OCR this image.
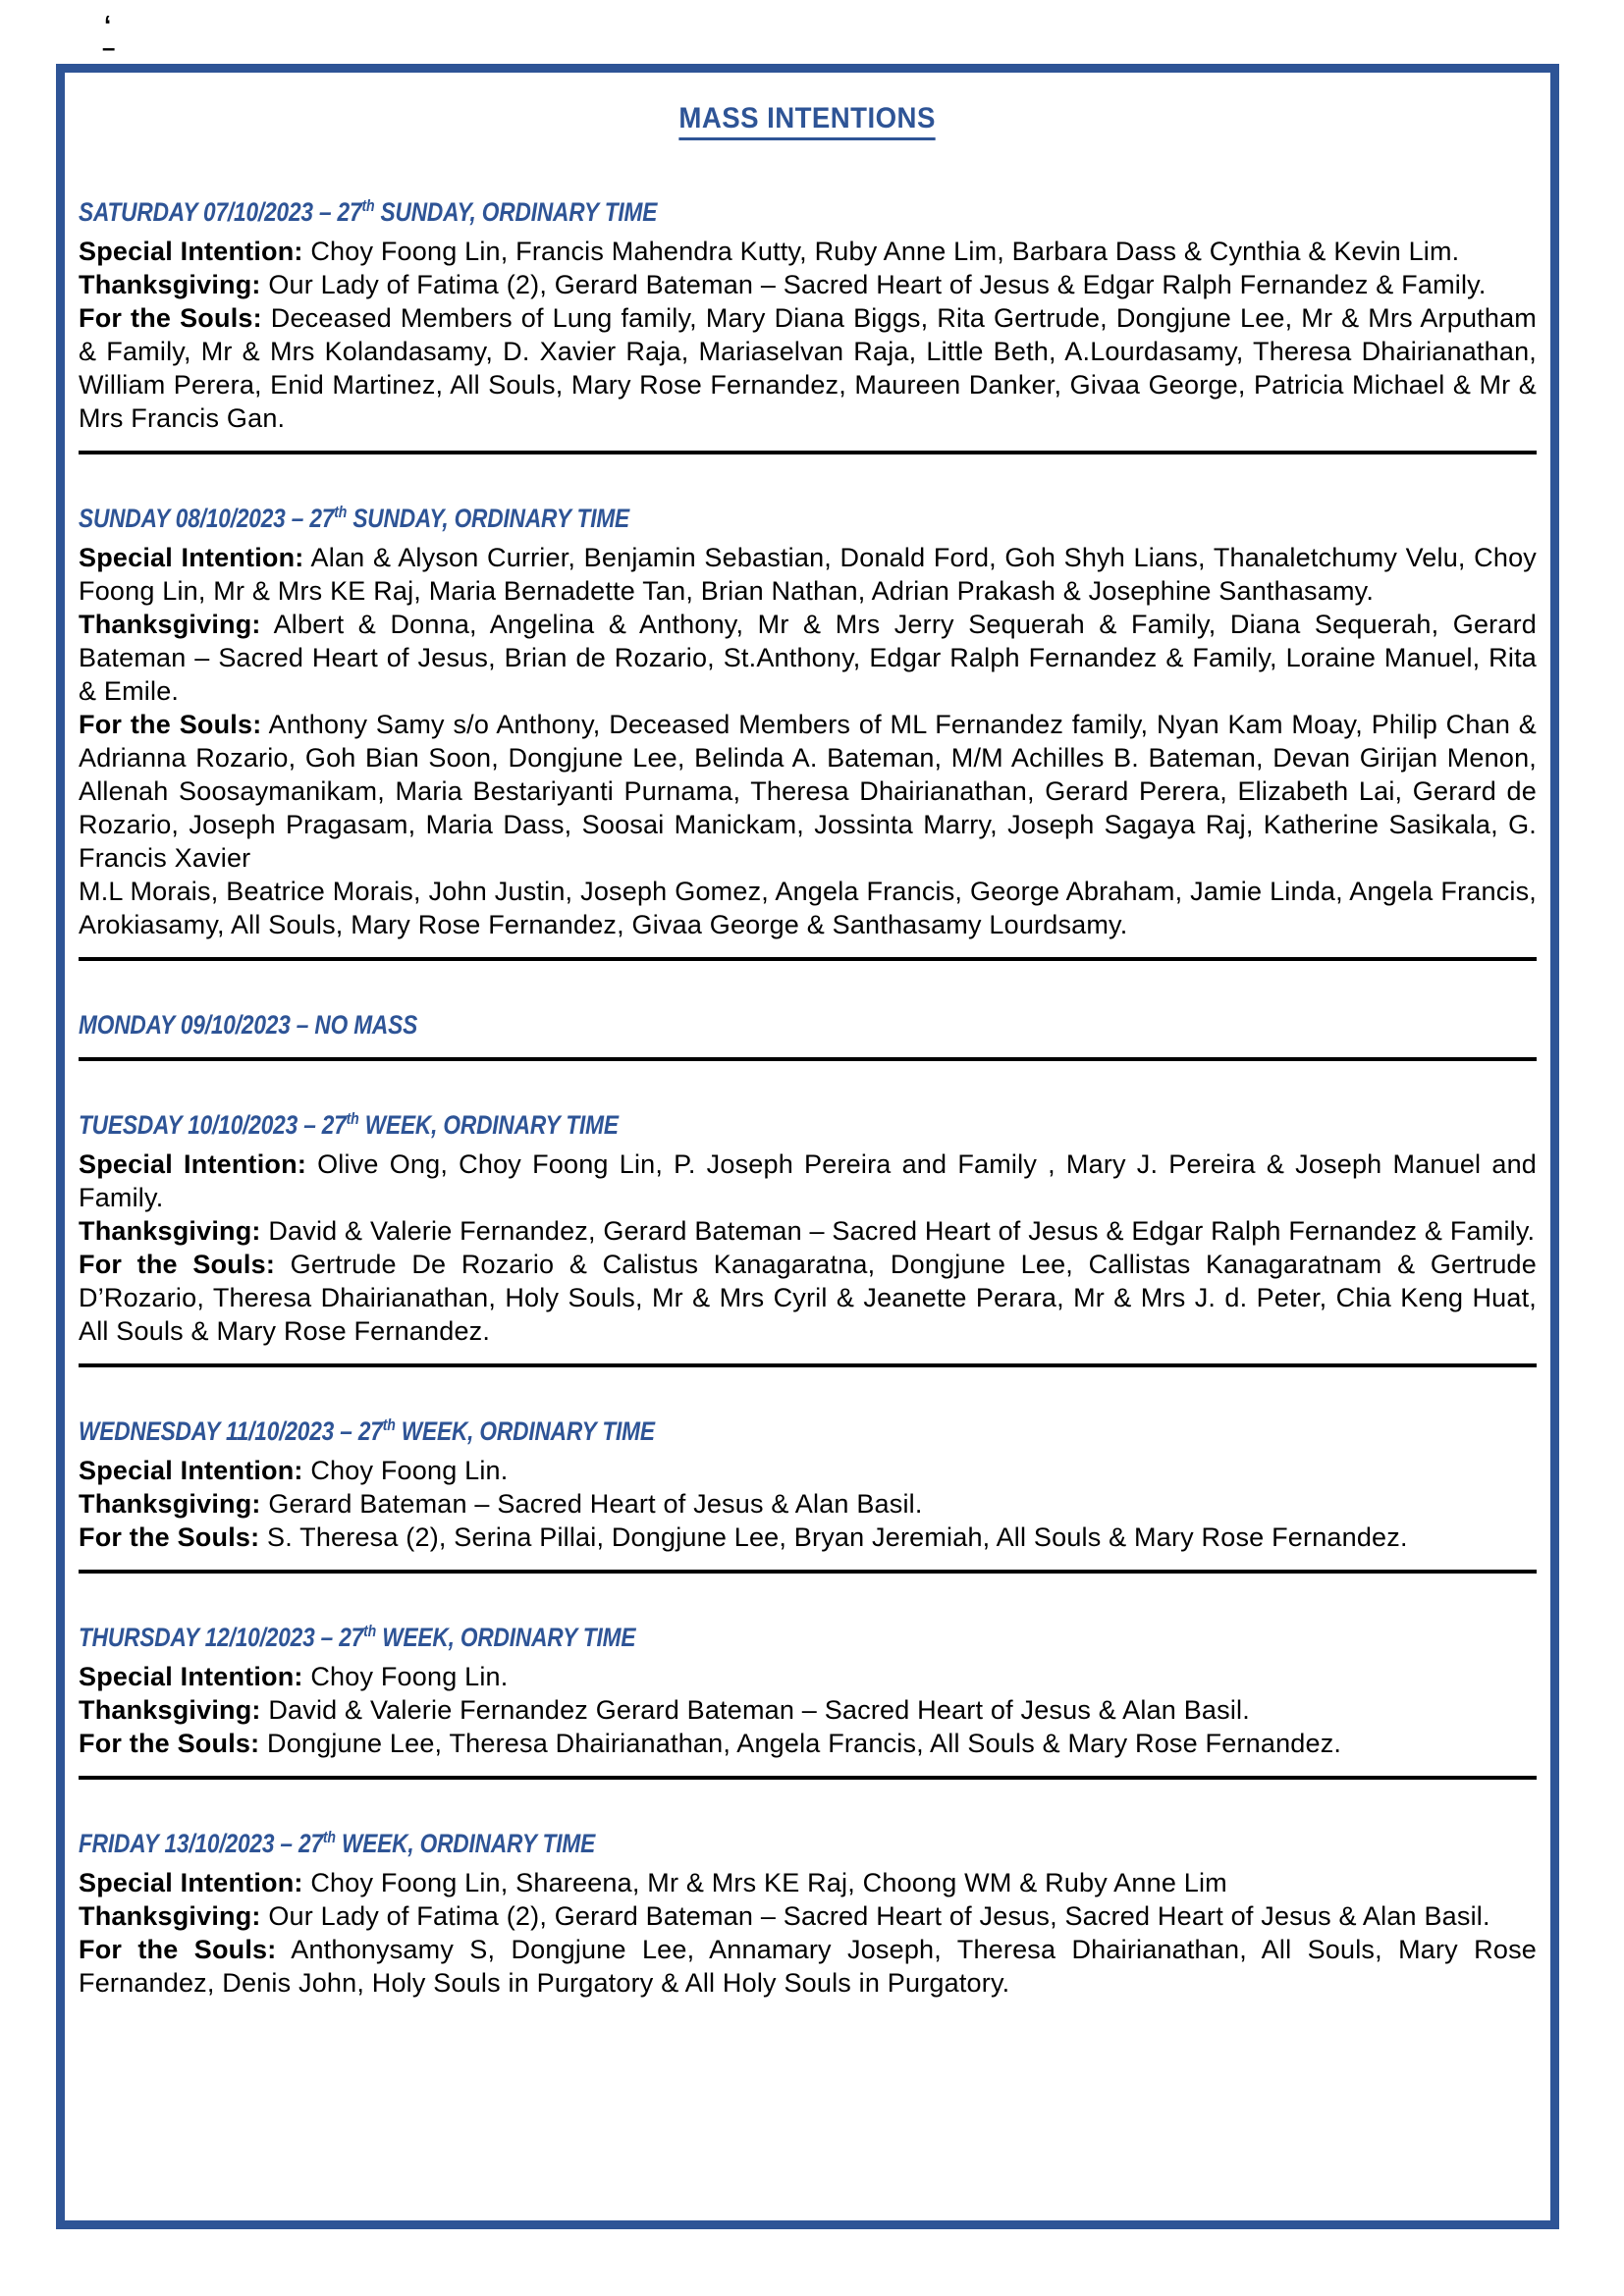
‘
–
MASS INTENTIONS
SATURDAY 07/10/2023 – 27th SUNDAY, ORDINARY TIME

Special Intention: Choy Foong Lin, Francis Mahendra Kutty, Ruby Anne Lim, Barbara Dass & Cynthia & Kevin Lim.

Thanksgiving: Our Lady of Fatima (2), Gerard Bateman – Sacred Heart of Jesus & Edgar Ralph Fernandez & Family.

For the Souls: Deceased Members of Lung family, Mary Diana Biggs, Rita Gertrude, Dongjune Lee, Mr & Mrs Arputham & Family, Mr & Mrs Kolandasamy, D. Xavier Raja, Mariaselvan Raja, Little Beth, A.Lourdasamy, Theresa Dhairianathan, William Perera, Enid Martinez, All Souls, Mary Rose Fernandez, Maureen Danker, Givaa George, Patricia Michael & Mr & Mrs Francis Gan.

SUNDAY 08/10/2023 – 27th SUNDAY, ORDINARY TIME

Special Intention: Alan & Alyson Currier, Benjamin Sebastian, Donald Ford, Goh Shyh Lians, Thanaletchumy Velu, Choy Foong Lin, Mr & Mrs KE Raj, Maria Bernadette Tan, Brian Nathan, Adrian Prakash & Josephine Santhasamy.

Thanksgiving: Albert & Donna, Angelina & Anthony, Mr & Mrs Jerry Sequerah & Family, Diana Sequerah, Gerard Bateman – Sacred Heart of Jesus, Brian de Rozario, St.Anthony, Edgar Ralph Fernandez & Family, Loraine Manuel, Rita & Emile.

For the Souls: Anthony Samy s/o Anthony, Deceased Members of ML Fernandez family, Nyan Kam Moay, Philip Chan & Adrianna Rozario, Goh Bian Soon, Dongjune Lee, Belinda A. Bateman, M/M Achilles B. Bateman, Devan Girijan Menon, Allenah Soosaymanikam, Maria Bestariyanti Purnama, Theresa Dhairianathan, Gerard Perera, Elizabeth Lai, Gerard de Rozario, Joseph Pragasam, Maria Dass, Soosai Manickam, Jossinta Marry, Joseph Sagaya Raj, Katherine Sasikala, G. Francis Xavier

M.L Morais, Beatrice Morais, John Justin, Joseph Gomez, Angela Francis, George Abraham, Jamie Linda, Angela Francis, Arokiasamy, All Souls, Mary Rose Fernandez, Givaa George & Santhasamy Lourdsamy.

MONDAY 09/10/2023 – NO MASS
TUESDAY 10/10/2023 – 27th WEEK, ORDINARY TIME

Special Intention: Olive Ong, Choy Foong Lin, P. Joseph Pereira and Family , Mary J. Pereira & Joseph Manuel and Family.

Thanksgiving: David & Valerie Fernandez, Gerard Bateman – Sacred Heart of Jesus & Edgar Ralph Fernandez & Family.

For the Souls: Gertrude De Rozario & Calistus Kanagaratna, Dongjune Lee, Callistas Kanagaratnam & Gertrude D’Rozario, Theresa Dhairianathan, Holy Souls, Mr & Mrs Cyril & Jeanette Perara, Mr & Mrs J. d. Peter, Chia Keng Huat, All Souls & Mary Rose Fernandez.

WEDNESDAY 11/10/2023 – 27th WEEK, ORDINARY TIME

Special Intention: Choy Foong Lin.

Thanksgiving: Gerard Bateman – Sacred Heart of Jesus & Alan Basil.

For the Souls: S. Theresa (2), Serina Pillai, Dongjune Lee, Bryan Jeremiah, All Souls & Mary Rose Fernandez.

THURSDAY 12/10/2023 – 27th WEEK, ORDINARY TIME

Special Intention: Choy Foong Lin.

Thanksgiving: David & Valerie Fernandez Gerard Bateman – Sacred Heart of Jesus & Alan Basil.

For the Souls: Dongjune Lee, Theresa Dhairianathan, Angela Francis, All Souls & Mary Rose Fernandez.

FRIDAY 13/10/2023 – 27th WEEK, ORDINARY TIME

Special Intention: Choy Foong Lin, Shareena, Mr & Mrs KE Raj, Choong WM & Ruby Anne Lim

Thanksgiving: Our Lady of Fatima (2), Gerard Bateman – Sacred Heart of Jesus, Sacred Heart of Jesus & Alan Basil.

For the Souls: Anthonysamy S, Dongjune Lee, Annamary Joseph, Theresa Dhairianathan, All Souls, Mary Rose Fernandez, Denis John, Holy Souls in Purgatory & All Holy Souls in Purgatory.
